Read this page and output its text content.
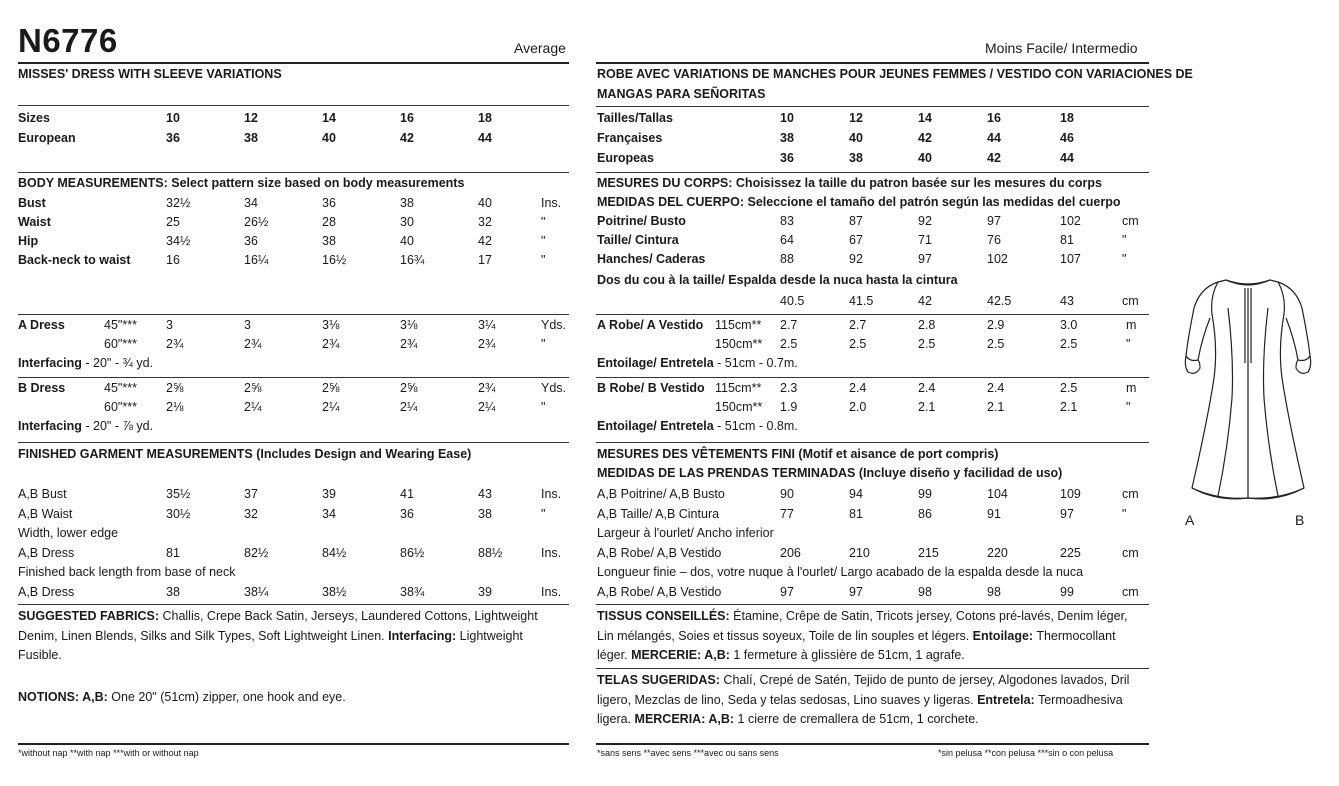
N6776	Average
MISSES' DRESS WITH SLEEVE VARIATIONS
Sizes	10	12	14	16	18
European	36	38	40	42	44
BODY MEASUREMENTS: Select pattern size based on body measurements
Bust	32½	34	36	38	40	Ins.
Waist	25	26½	28	30	32	"
Hip	34½	36	38	40	42	"
Back-neck to waist	16	16¼	16½	16¾	17	"
A Dress	45"*** 3	3	3⅛	3⅛	3¼	Yds.
60"*** 2¾	2¾	2¾	2¾	2¾	"
Interfacing - 20" - ¾ yd.
B Dress	45"*** 2⅝	2⅝	2⅝	2⅝	2¾	Yds.
60"*** 2⅛	2¼	2¼	2¼	2¼	"
Interfacing - 20" - ⅞ yd.
FINISHED GARMENT MEASUREMENTS (Includes Design and Wearing Ease)
A,B Bust	35½	37	39	41	43	Ins.
A,B Waist	30½	32	34	36	38	"
Width, lower edge
A,B Dress	81	82½	84½	86½	88½	Ins.
Finished back length from base of neck
A,B Dress	38	38¼	38½	38¾	39	Ins.
SUGGESTED FABRICS: Challis, Crepe Back Satin, Jerseys, Laundered Cottons, Lightweight
Denim, Linen Blends, Silks and Silk Types, Soft Lightweight Linen. Interfacing: Lightweight
Fusible.
NOTIONS: A,B: One 20" (51cm) zipper, one hook and eye.
*without nap **with nap ***with or without nap
Moins Facile/ Intermedio
ROBE AVEC VARIATIONS DE MANCHES POUR JEUNES FEMMES / VESTIDO CON VARIACIONES DE
MANGAS PARA SEÑORITAS
Tailles/Tallas	10	12	14	16	18
Françaises	38	40	42	44	46
Europeas	36	38	40	42	44
MESURES DU CORPS: Choisissez la taille du patron basée sur les mesures du corps
MEDIDAS DEL CUERPO: Seleccione el tamaño del patrón según las medidas del cuerpo
Poitrine/ Busto	83	87	92	97	102	cm
Taille/ Cintura	64	67	71	76	81	"
Hanches/ Caderas	88	92	97	102	107	"
Dos du cou à la taille/ Espalda desde la nuca hasta la cintura
40.5	41.5	42	42.5	43	cm
A Robe/ A Vestido 115cm** 2.7	2.7	2.8	2.9	3.0	m
150cm** 2.5	2.5	2.5	2.5	2.5	"
Entoilage/ Entretela - 51cm - 0.7m.
B Robe/ B Vestido 115cm** 2.3	2.4	2.4	2.4	2.5	m
150cm** 1.9	2.0	2.1	2.1	2.1	"
Entoilage/ Entretela - 51cm - 0.8m.
MESURES DES VÊTEMENTS FINI (Motif et aisance de port compris)
MEDIDAS DE LAS PRENDAS TERMINADAS (Incluye diseño y facilidad de uso)
A,B Poitrine/ A,B Busto	90	94	99	104	109	cm
A,B Taille/ A,B Cintura	77	81	86	91	97	"
Largeur à l'ourlet/ Ancho inferior
A,B Robe/ A,B Vestido	206	210	215	220	225	cm
Longueur finie – dos, votre nuque à l'ourlet/ Largo acabado de la espalda desde la nuca
A,B Robe/ A,B Vestido	97	97	98	98	99	cm
TISSUS CONSEILLÉS: Étamine, Crêpe de Satin, Tricots jersey, Cotons pré-lavés, Denim léger,
Lin mélangés, Soies et tissus soyeux, Toile de lin souples et légers. Entoilage: Thermocollant
léger. MERCERIE: A,B: 1 fermeture à glissière de 51cm, 1 agrafe.
TELAS SUGERIDAS: Chalí, Crepé de Satén, Tejido de punto de jersey, Algodones lavados, Dril
ligero, Mezclas de lino, Seda y telas sedosas, Lino suaves y ligeras. Entretela: Termoadhesiva
ligera. MERCERIA: A,B: 1 cierre de cremallera de 51cm, 1 corchete.
*sans sens **avec sens ***avec ou sans sens	*sin pelusa **con pelusa ***sin o con pelusa
A	B
